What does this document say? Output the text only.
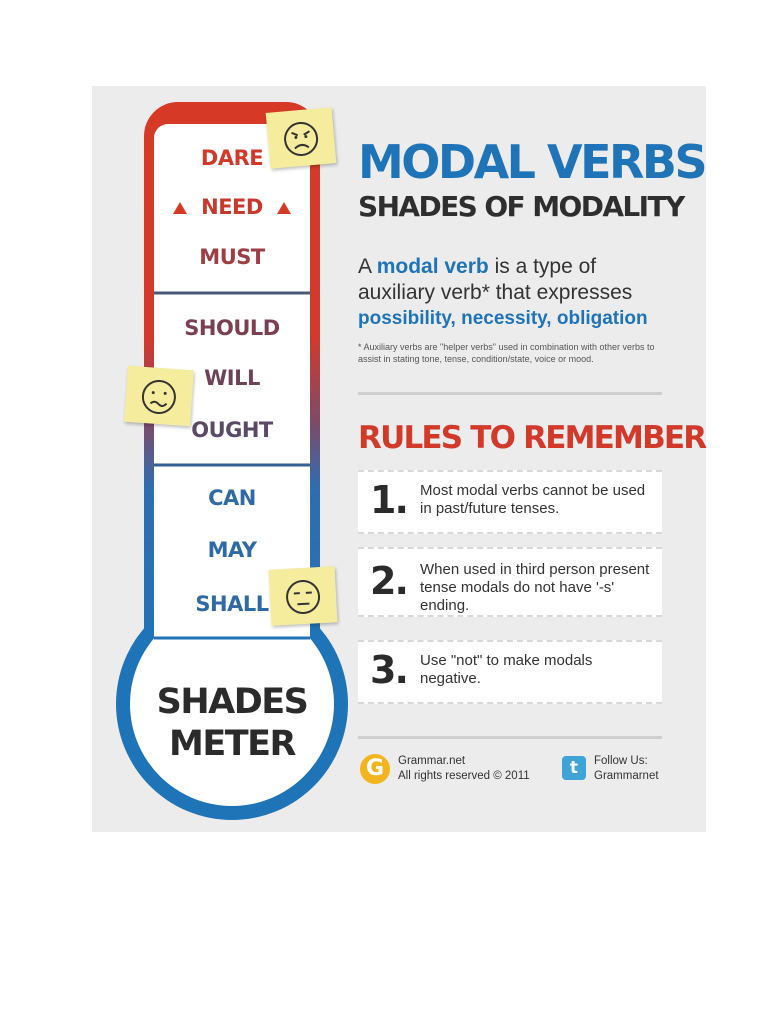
DARE
NEED
MUST
SHOULD
WILL
OUGHT
CAN
MAY
SHALL
SHADES
METER
MODAL VERBS
SHADES OF MODALITY
A modal verb is a type of
auxiliary verb* that expresses
possibility, necessity, obligation
* Auxiliary verbs are "helper verbs" used in combination with other verbs to assist in stating tone, tense, condition/state, voice or mood.
RULES TO REMEMBER
1. Most modal verbs cannot be used in past/future tenses.
2. When used in third person present tense modals do not have '-s' ending.
3. Use "not" to make modals negative.
G	Grammar.net
All rights reserved © 2011	t	Follow Us:
Grammarnet
